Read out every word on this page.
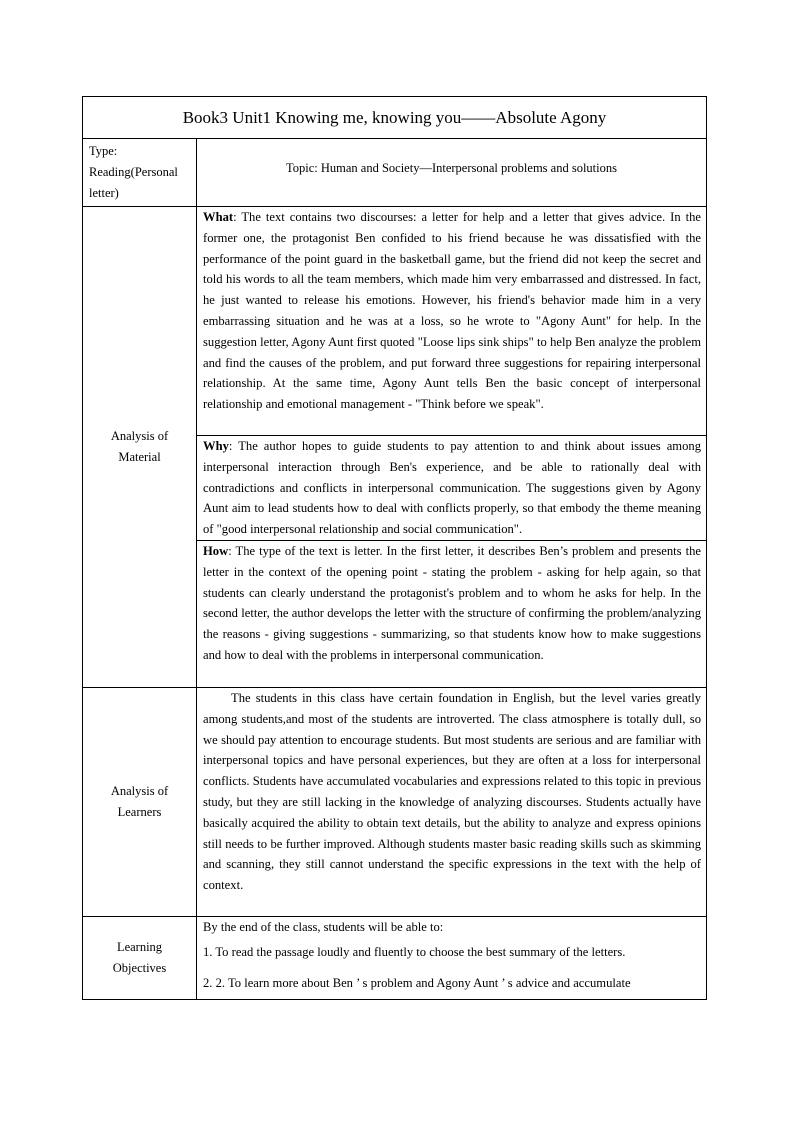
Book3 Unit1 Knowing me, knowing you——Absolute Agony	
Type:
Reading(Personal
letter)	Topic: Human and Society—Interpersonal problems and solutions
Analysis of
Material	What: The text contains two discourses: a letter for help and a letter that gives advice. In the former one, the protagonist Ben confided to his friend because he was dissatisfied with the performance of the point guard in the basketball game, but the friend did not keep the secret and told his words to all the team members, which made him very embarrassed and distressed. In fact, he just wanted to release his emotions. However, his friend's behavior made him in a very embarrassing situation and he was at a loss, so he wrote to "Agony Aunt" for help. In the suggestion letter, Agony Aunt first quoted "Loose lips sink ships" to help Ben analyze the problem and find the causes of the problem, and put forward three suggestions for repairing interpersonal relationship. At the same time, Agony Aunt tells Ben the basic concept of interpersonal relationship and emotional management - "Think before we speak".

	Why: The author hopes to guide students to pay attention to and think about issues among interpersonal interaction through Ben's experience, and be able to rationally deal with contradictions and conflicts in interpersonal communication. The suggestions given by Agony Aunt aim to lead students how to deal with conflicts properly, so that embody the theme meaning of "good interpersonal relationship and social communication".

	How: The type of the text is letter. In the first letter, it describes Ben’s problem and presents the letter in the context of the opening point - stating the problem - asking for help again, so that students can clearly understand the protagonist's problem and to whom he asks for help. In the second letter, the author develops the letter with the structure of confirming the problem/analyzing the reasons - giving suggestions - summarizing, so that students know how to make suggestions and how to deal with the problems in interpersonal communication.

Analysis of
Learners	The students in this class have certain foundation in English, but the level varies greatly among students,and most of the students are introverted. The class atmosphere is totally dull, so we should pay attention to encourage students. But most students are serious and are familiar with interpersonal topics and have personal experiences, but they are often at a loss for interpersonal conflicts. Students have accumulated vocabularies and expressions related to this topic in previous study, but they are still lacking in the knowledge of analyzing discourses. Students actually have basically acquired the ability to obtain text details, but the ability to analyze and express opinions still needs to be further improved. Although students master basic reading skills such as skimming and scanning, they still cannot understand the specific expressions in the text with the help of context.

Learning
Objectives	By the end of the class, students will be able to:
1. To read the passage loudly and fluently to choose the best summary of the letters.
2. 2. To learn more about Ben ’ s problem and Agony Aunt ’ s advice and accumulate
